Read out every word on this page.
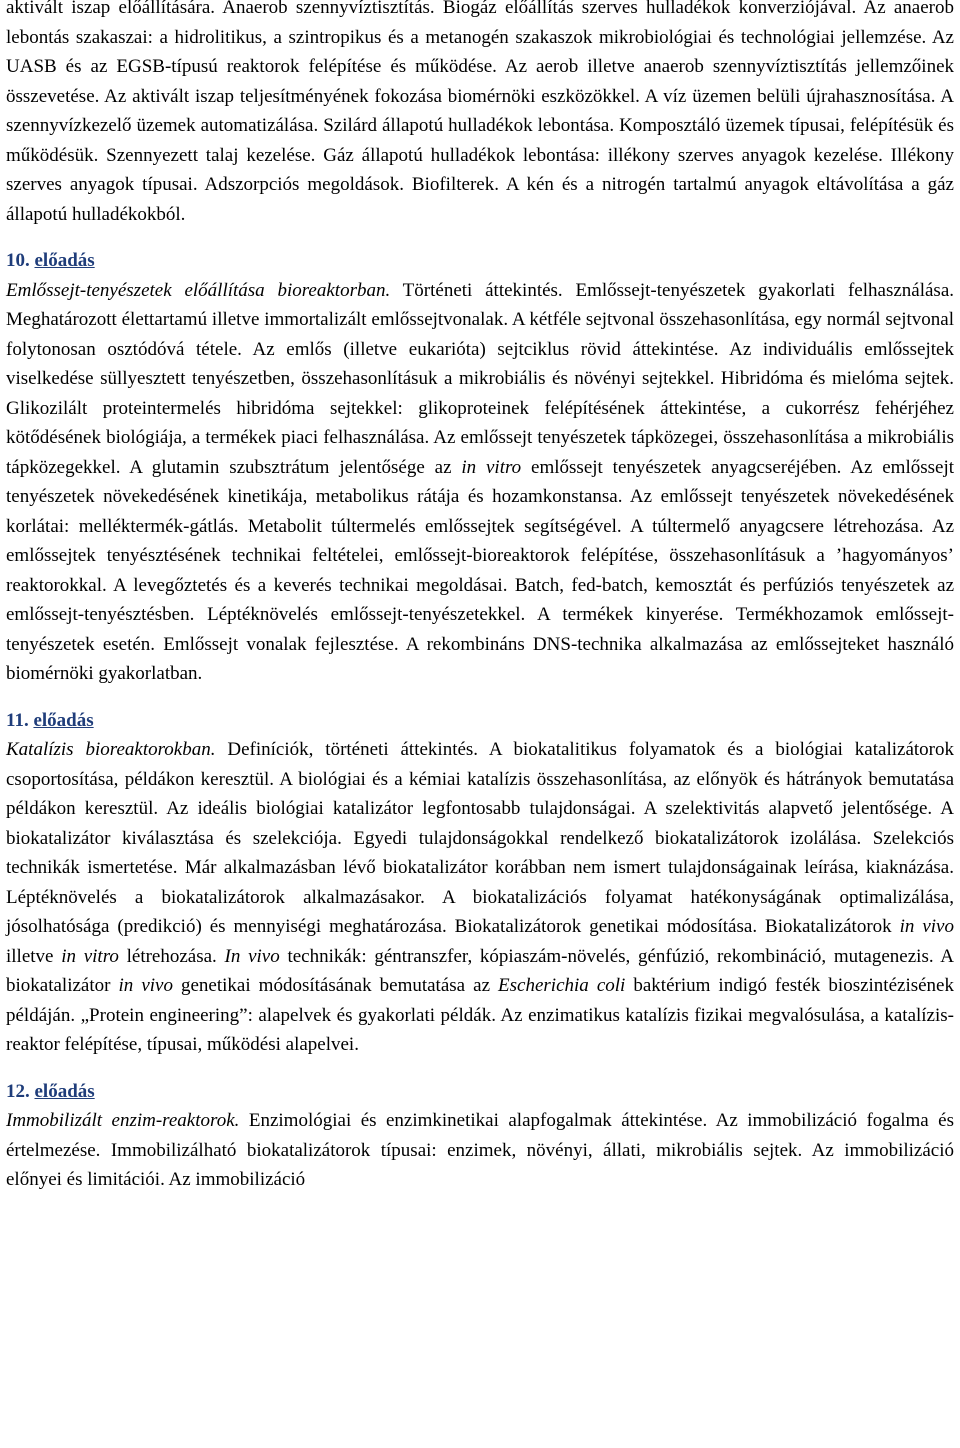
aktivált iszap előállítására. Anaerob szennyvíztisztítás. Biogáz előállítás szerves hulladékok konverziójával. Az anaerob lebontás szakaszai: a hidrolitikus, a szintropikus és a metanogén szakaszok mikrobiológiai és technológiai jellemzése. Az UASB és az EGSB-típusú reaktorok felépítése és működése. Az aerob illetve anaerob szennyvíztisztítás jellemzőinek összevetése. Az aktivált iszap teljesítményének fokozása biomérnöki eszközökkel. A víz üzemen belüli újrahasznosítása. A szennyvízkezelő üzemek automatizálása. Szilárd állapotú hulladékok lebontása. Komposztáló üzemek típusai, felépítésük és működésük. Szennyezett talaj kezelése. Gáz állapotú hulladékok lebontása: illékony szerves anyagok kezelése. Illékony szerves anyagok típusai. Adszorpciós megoldások. Biofilterek. A kén és a nitrogén tartalmú anyagok eltávolítása a gáz állapotú hulladékokból.
10. előadás
Emlőssejt-tenyészetek előállítása bioreaktorban. Történeti áttekintés. Emlőssejt-tenyészetek gyakorlati felhasználása. Meghatározott élettartamú illetve immortalizált emlőssejtvonalak. A kétféle sejtvonal összehasonlítása, egy normál sejtvonal folytonosan osztódóvá tétele. Az emlős (illetve eukarióta) sejtciklus rövid áttekintése. Az individuális emlőssejtek viselkedése süllyesztett tenyészetben, összehasonlításuk a mikrobiális és növényi sejtekkel. Hibridóma és mielóma sejtek. Glikozilált proteintermelés hibridóma sejtekkel: glikoproteinek felépítésének áttekintése, a cukorrész fehérjéhez kötődésének biológiája, a termékek piaci felhasználása. Az emlőssejt tenyészetek tápközegei, összehasonlítása a mikrobiális tápközegekkel. A glutamin szubsztrátum jelentősége az in vitro emlőssejt tenyészetek anyagcseréjében. Az emlőssejt tenyészetek növekedésének kinetikája, metabolikus rátája és hozamkonstansa. Az emlőssejt tenyészetek növekedésének korlátai: melléktermék-gátlás. Metabolit túltermelés emlőssejtek segítségével. A túltermelő anyagcsere létrehozása. Az emlőssejtek tenyésztésének technikai feltételei, emlőssejt-bioreaktorok felépítése, összehasonlításuk a ’hagyományos’ reaktorokkal. A levegőztetés és a keverés technikai megoldásai. Batch, fed-batch, kemosztát és perfúziós tenyészetek az emlőssejt-tenyésztésben. Léptéknövelés emlőssejt-tenyészetekkel. A termékek kinyerése. Termékhozamok emlőssejt-tenyészetek esetén. Emlőssejt vonalak fejlesztése. A rekombináns DNS-technika alkalmazása az emlőssejteket használó biomérnöki gyakorlatban.
11. előadás
Katalízis bioreaktorokban. Definíciók, történeti áttekintés. A biokatalitikus folyamatok és a biológiai katalizátorok csoportosítása, példákon keresztül. A biológiai és a kémiai katalízis összehasonlítása, az előnyök és hátrányok bemutatása példákon keresztül. Az ideális biológiai katalizátor legfontosabb tulajdonságai. A szelektivitás alapvető jelentősége. A biokatalizátor kiválasztása és szelekciója. Egyedi tulajdonságokkal rendelkező biokatalizátorok izolálása. Szelekciós technikák ismertetése. Már alkalmazásban lévő biokatalizátor korábban nem ismert tulajdonságainak leírása, kiaknázása. Léptéknövelés a biokatalizátorok alkalmazásakor. A biokatalizációs folyamat hatékonyságának optimalizálása, jósolhatósága (predikció) és mennyiségi meghatározása. Biokatalizátorok genetikai módosítása. Biokatalizátorok in vivo illetve in vitro létrehozása. In vivo technikák: géntranszfer, kópiaszám-növelés, génfúzió, rekombináció, mutagenezis. A biokatalizátor in vivo genetikai módosításának bemutatása az Escherichia coli baktérium indigó festék bioszintézisének példáján. „Protein engineering”: alapelvek és gyakorlati példák. Az enzimatikus katalízis fizikai megvalósulása, a katalízis-reaktor felépítése, típusai, működési alapelvei.
12. előadás
Immobilizált enzim-reaktorok. Enzimológiai és enzimkinetikai alapfogalmak áttekintése. Az immobilizáció fogalma és értelmezése. Immobilizálható biokatalizátorok típusai: enzimek, növényi, állati, mikrobiális sejtek. Az immobilizáció előnyei és limitációi. Az immobilizáció
